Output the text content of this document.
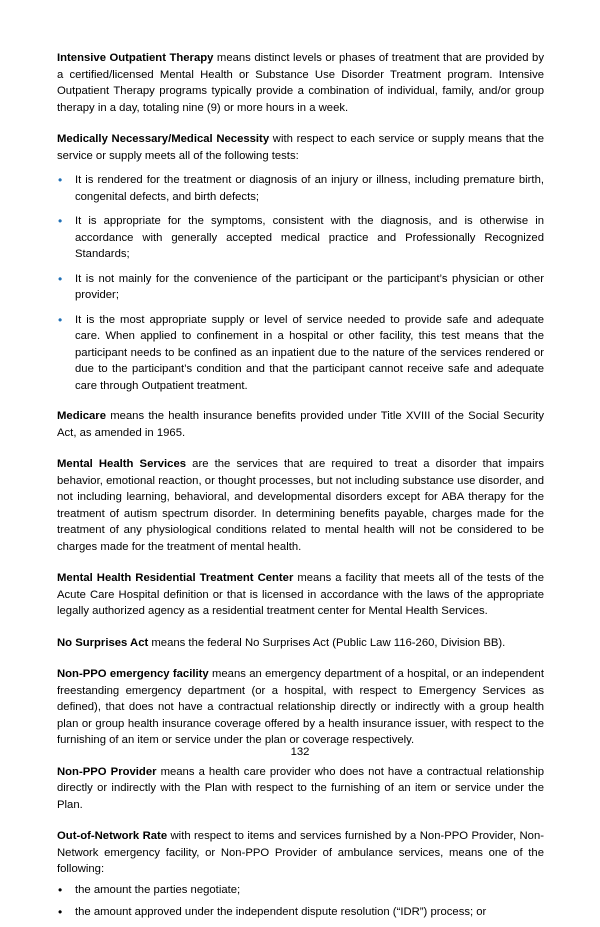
Intensive Outpatient Therapy means distinct levels or phases of treatment that are provided by a certified/licensed Mental Health or Substance Use Disorder Treatment program. Intensive Outpatient Therapy programs typically provide a combination of individual, family, and/or group therapy in a day, totaling nine (9) or more hours in a week.

Medically Necessary/Medical Necessity with respect to each service or supply means that the service or supply meets all of the following tests:

•	It is rendered for the treatment or diagnosis of an injury or illness, including premature birth, congenital defects, and birth defects;
•	It is appropriate for the symptoms, consistent with the diagnosis, and is otherwise in accordance with generally accepted medical practice and Professionally Recognized Standards;
•	It is not mainly for the convenience of the participant or the participant’s physician or other provider;
•	It is the most appropriate supply or level of service needed to provide safe and adequate care. When applied to confinement in a hospital or other facility, this test means that the participant needs to be confined as an inpatient due to the nature of the services rendered or due to the participant’s condition and that the participant cannot receive safe and adequate care through Outpatient treatment.

Medicare means the health insurance benefits provided under Title XVIII of the Social Security Act, as amended in 1965.

Mental Health Services are the services that are required to treat a disorder that impairs behavior, emotional reaction, or thought processes, but not including substance use disorder, and not including learning, behavioral, and developmental disorders except for ABA therapy for the treatment of autism spectrum disorder. In determining benefits payable, charges made for the treatment of any physiological conditions related to mental health will not be considered to be charges made for the treatment of mental health.

Mental Health Residential Treatment Center means a facility that meets all of the tests of the Acute Care Hospital definition or that is licensed in accordance with the laws of the appropriate legally authorized agency as a residential treatment center for Mental Health Services.

No Surprises Act means the federal No Surprises Act (Public Law 116-260, Division BB).

Non-PPO emergency facility means an emergency department of a hospital, or an independent freestanding emergency department (or a hospital, with respect to Emergency Services as defined), that does not have a contractual relationship directly or indirectly with a group health plan or group health insurance coverage offered by a health insurance issuer, with respect to the furnishing of an item or service under the plan or coverage respectively.

Non-PPO Provider means a health care provider who does not have a contractual relationship directly or indirectly with the Plan with respect to the furnishing of an item or service under the Plan.

Out-of-Network Rate with respect to items and services furnished by a Non-PPO Provider, Non-Network emergency facility, or Non-PPO Provider of ambulance services, means one of the following:

•	the amount the parties negotiate;
•	the amount approved under the independent dispute resolution (“IDR”) process; or
132
